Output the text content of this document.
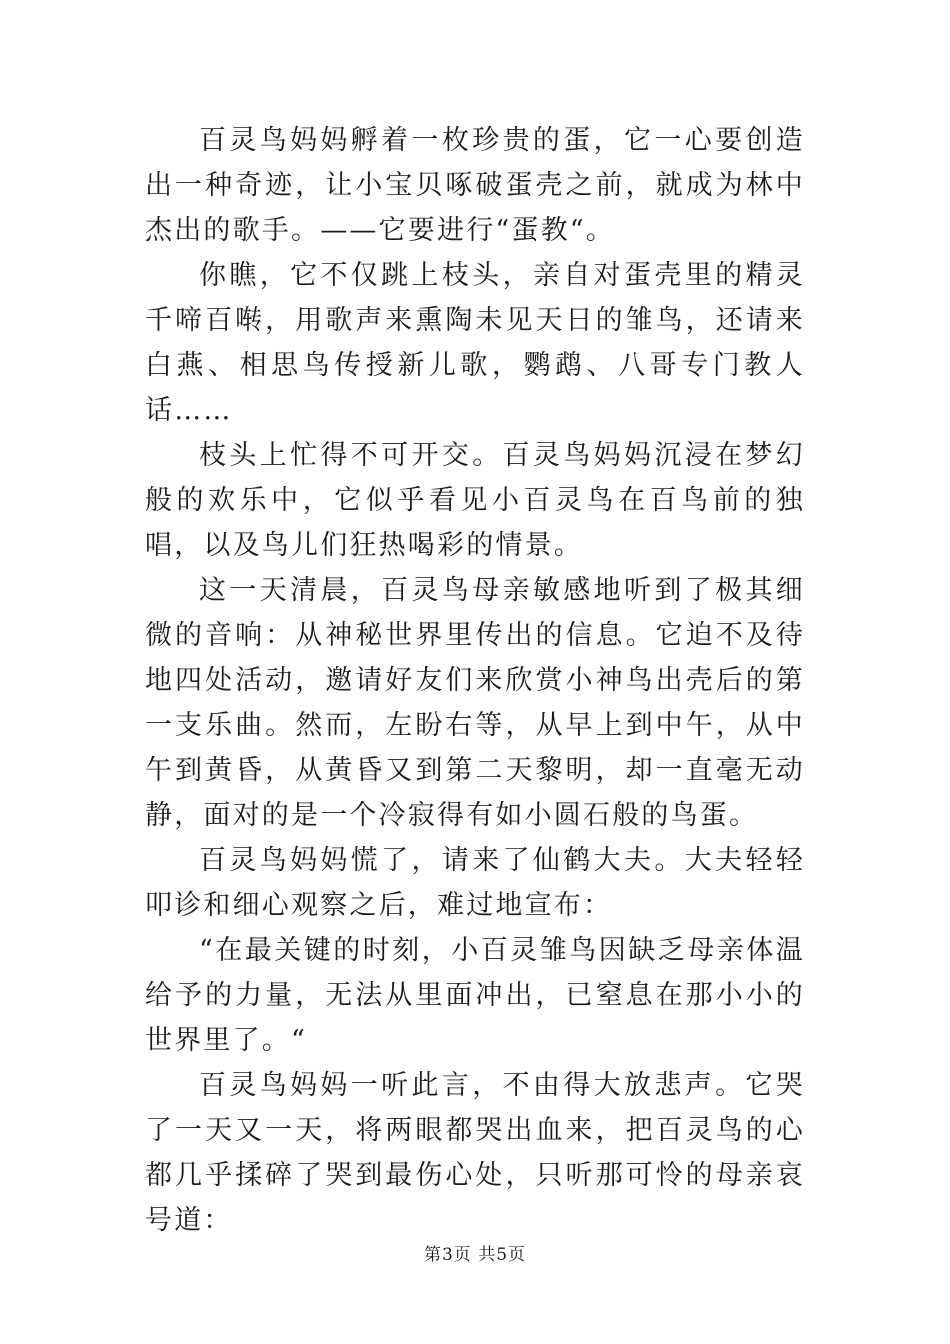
百灵鸟妈妈孵着一枚珍贵的蛋，它一心要创造出一种奇迹，让小宝贝啄破蛋壳之前，就成为林中杰出的歌手。——它要进行“蛋教“。

你瞧，它不仅跳上枝头，亲自对蛋壳里的精灵千啼百啭，用歌声来熏陶未见天日的雏鸟，还请来白燕、相思鸟传授新儿歌，鹦鹉、八哥专门教人话……

枝头上忙得不可开交。百灵鸟妈妈沉浸在梦幻般的欢乐中，它似乎看见小百灵鸟在百鸟前的独唱，以及鸟儿们狂热喝彩的情景。

这一天清晨，百灵鸟母亲敏感地听到了极其细微的音响：从神秘世界里传出的信息。它迫不及待地四处活动，邀请好友们来欣赏小神鸟出壳后的第一支乐曲。然而，左盼右等，从早上到中午，从中午到黄昏，从黄昏又到第二天黎明，却一直毫无动静，面对的是一个冷寂得有如小圆石般的鸟蛋。

百灵鸟妈妈慌了，请来了仙鹤大夫。大夫轻轻叩诊和细心观察之后，难过地宣布：

“在最关键的时刻，小百灵雏鸟因缺乏母亲体温给予的力量，无法从里面冲出，已窒息在那小小的世界里了。“

百灵鸟妈妈一听此言，不由得大放悲声。它哭了一天又一天，将两眼都哭出血来，把百灵鸟的心都几乎揉碎了哭到最伤心处，只听那可怜的母亲哀号道：

第3页 共5页
